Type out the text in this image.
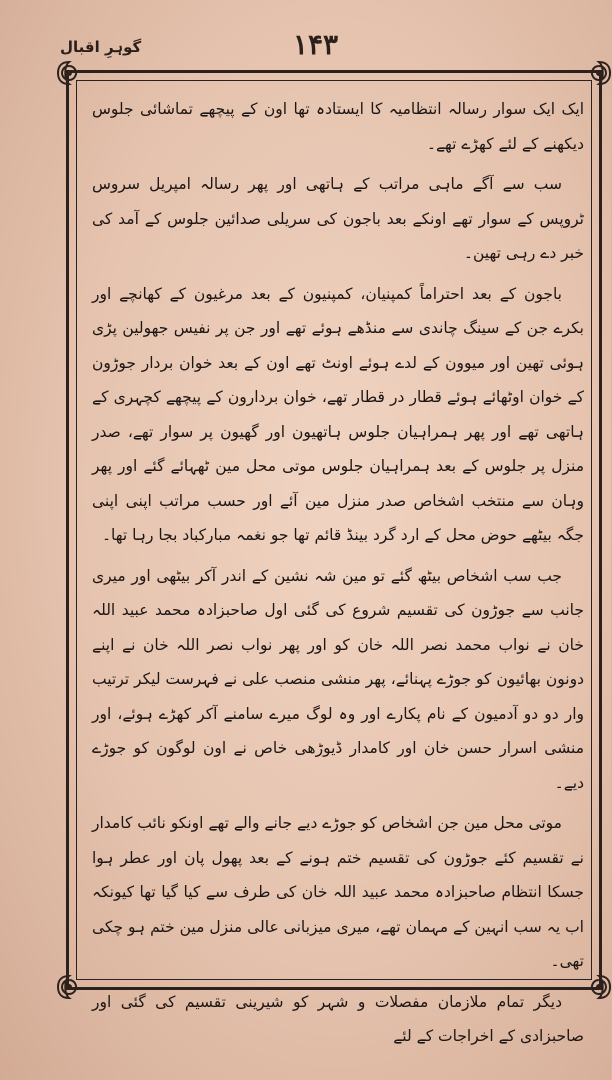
۱۴۳
گوہرِ اقبال

ایک ایک سوار رسالہ انتظامیہ کا ایستادہ تھا اون کے پیچھے تماشائی جلوس دیکھنے کے لئے کھڑے تھے۔

سب سے آگے ماہی مراتب کے ہاتھی اور پھر رسالہ امپریل سروس ٹروپس کے سوار تھے اونکے بعد باجون کی سریلی صدائین جلوس کے آمد کی خبر دے رہی تھین۔

باجون کے بعد احتراماً کمپنیان، کمپنیون کے بعد مرغیون کے کھانچے اور بکرے جن کے سینگ چاندی سے منڈھے ہوئے تھے اور جن پر نفیس جھولین پڑی ہوئی تھین اور میوون کے لدے ہوئے اونٹ تھے اون کے بعد خوان بردار جوڑون کے خوان اوٹھائے ہوئے قطار در قطار تھے، خوان بردارون کے پیچھے کچہری کے ہاتھی تھے اور پھر ہمراہیان جلوس ہاتھیون اور گھیون پر سوار تھے، صدر منزل پر جلوس کے بعد ہمراہیان جلوس موتی محل مین ٹھہائے گئے اور پھر وہان سے منتخب اشخاص صدر منزل مین آئے اور حسب مراتب اپنی اپنی جگہ بیٹھے حوض محل کے ارد گرد بینڈ قائم تھا جو نغمہ مبارکباد بجا رہا تھا۔

جب سب اشخاص بیٹھ گئے تو مین شہ نشین کے اندر آکر بیٹھی اور میری جانب سے جوڑون کی تقسیم شروع کی گئی اول صاحبزادہ محمد عبید اللہ خان نے نواب محمد نصر اللہ خان کو اور پھر نواب نصر اللہ خان نے اپنے دونون بھائیون کو جوڑے پہنائے، پھر منشی منصب علی نے فہرست لیکر ترتیب وار دو دو آدمیون کے نام پکارے اور وہ لوگ میرے سامنے آکر کھڑے ہوئے، اور منشی اسرار حسن خان اور کامدار ڈیوڑھی خاص نے اون لوگون کو جوڑے دیے۔

موتی محل مین جن اشخاص کو جوڑے دیے جانے والے تھے اونکو نائب کامدار نے تقسیم کئے جوڑون کی تقسیم ختم ہونے کے بعد پھول پان اور عطر ہوا جسکا انتظام صاحبزادہ محمد عبید اللہ خان کی طرف سے کیا گیا تھا کیونکہ اب یہ سب انہین کے مہمان تھے، میری میزبانی عالی منزل مین ختم ہو چکی تھی۔

دیگر تمام ملازمان مفصلات و شہر کو شیرینی تقسیم کی گئی اور صاحبزادی کے اخراجات کے لئے
